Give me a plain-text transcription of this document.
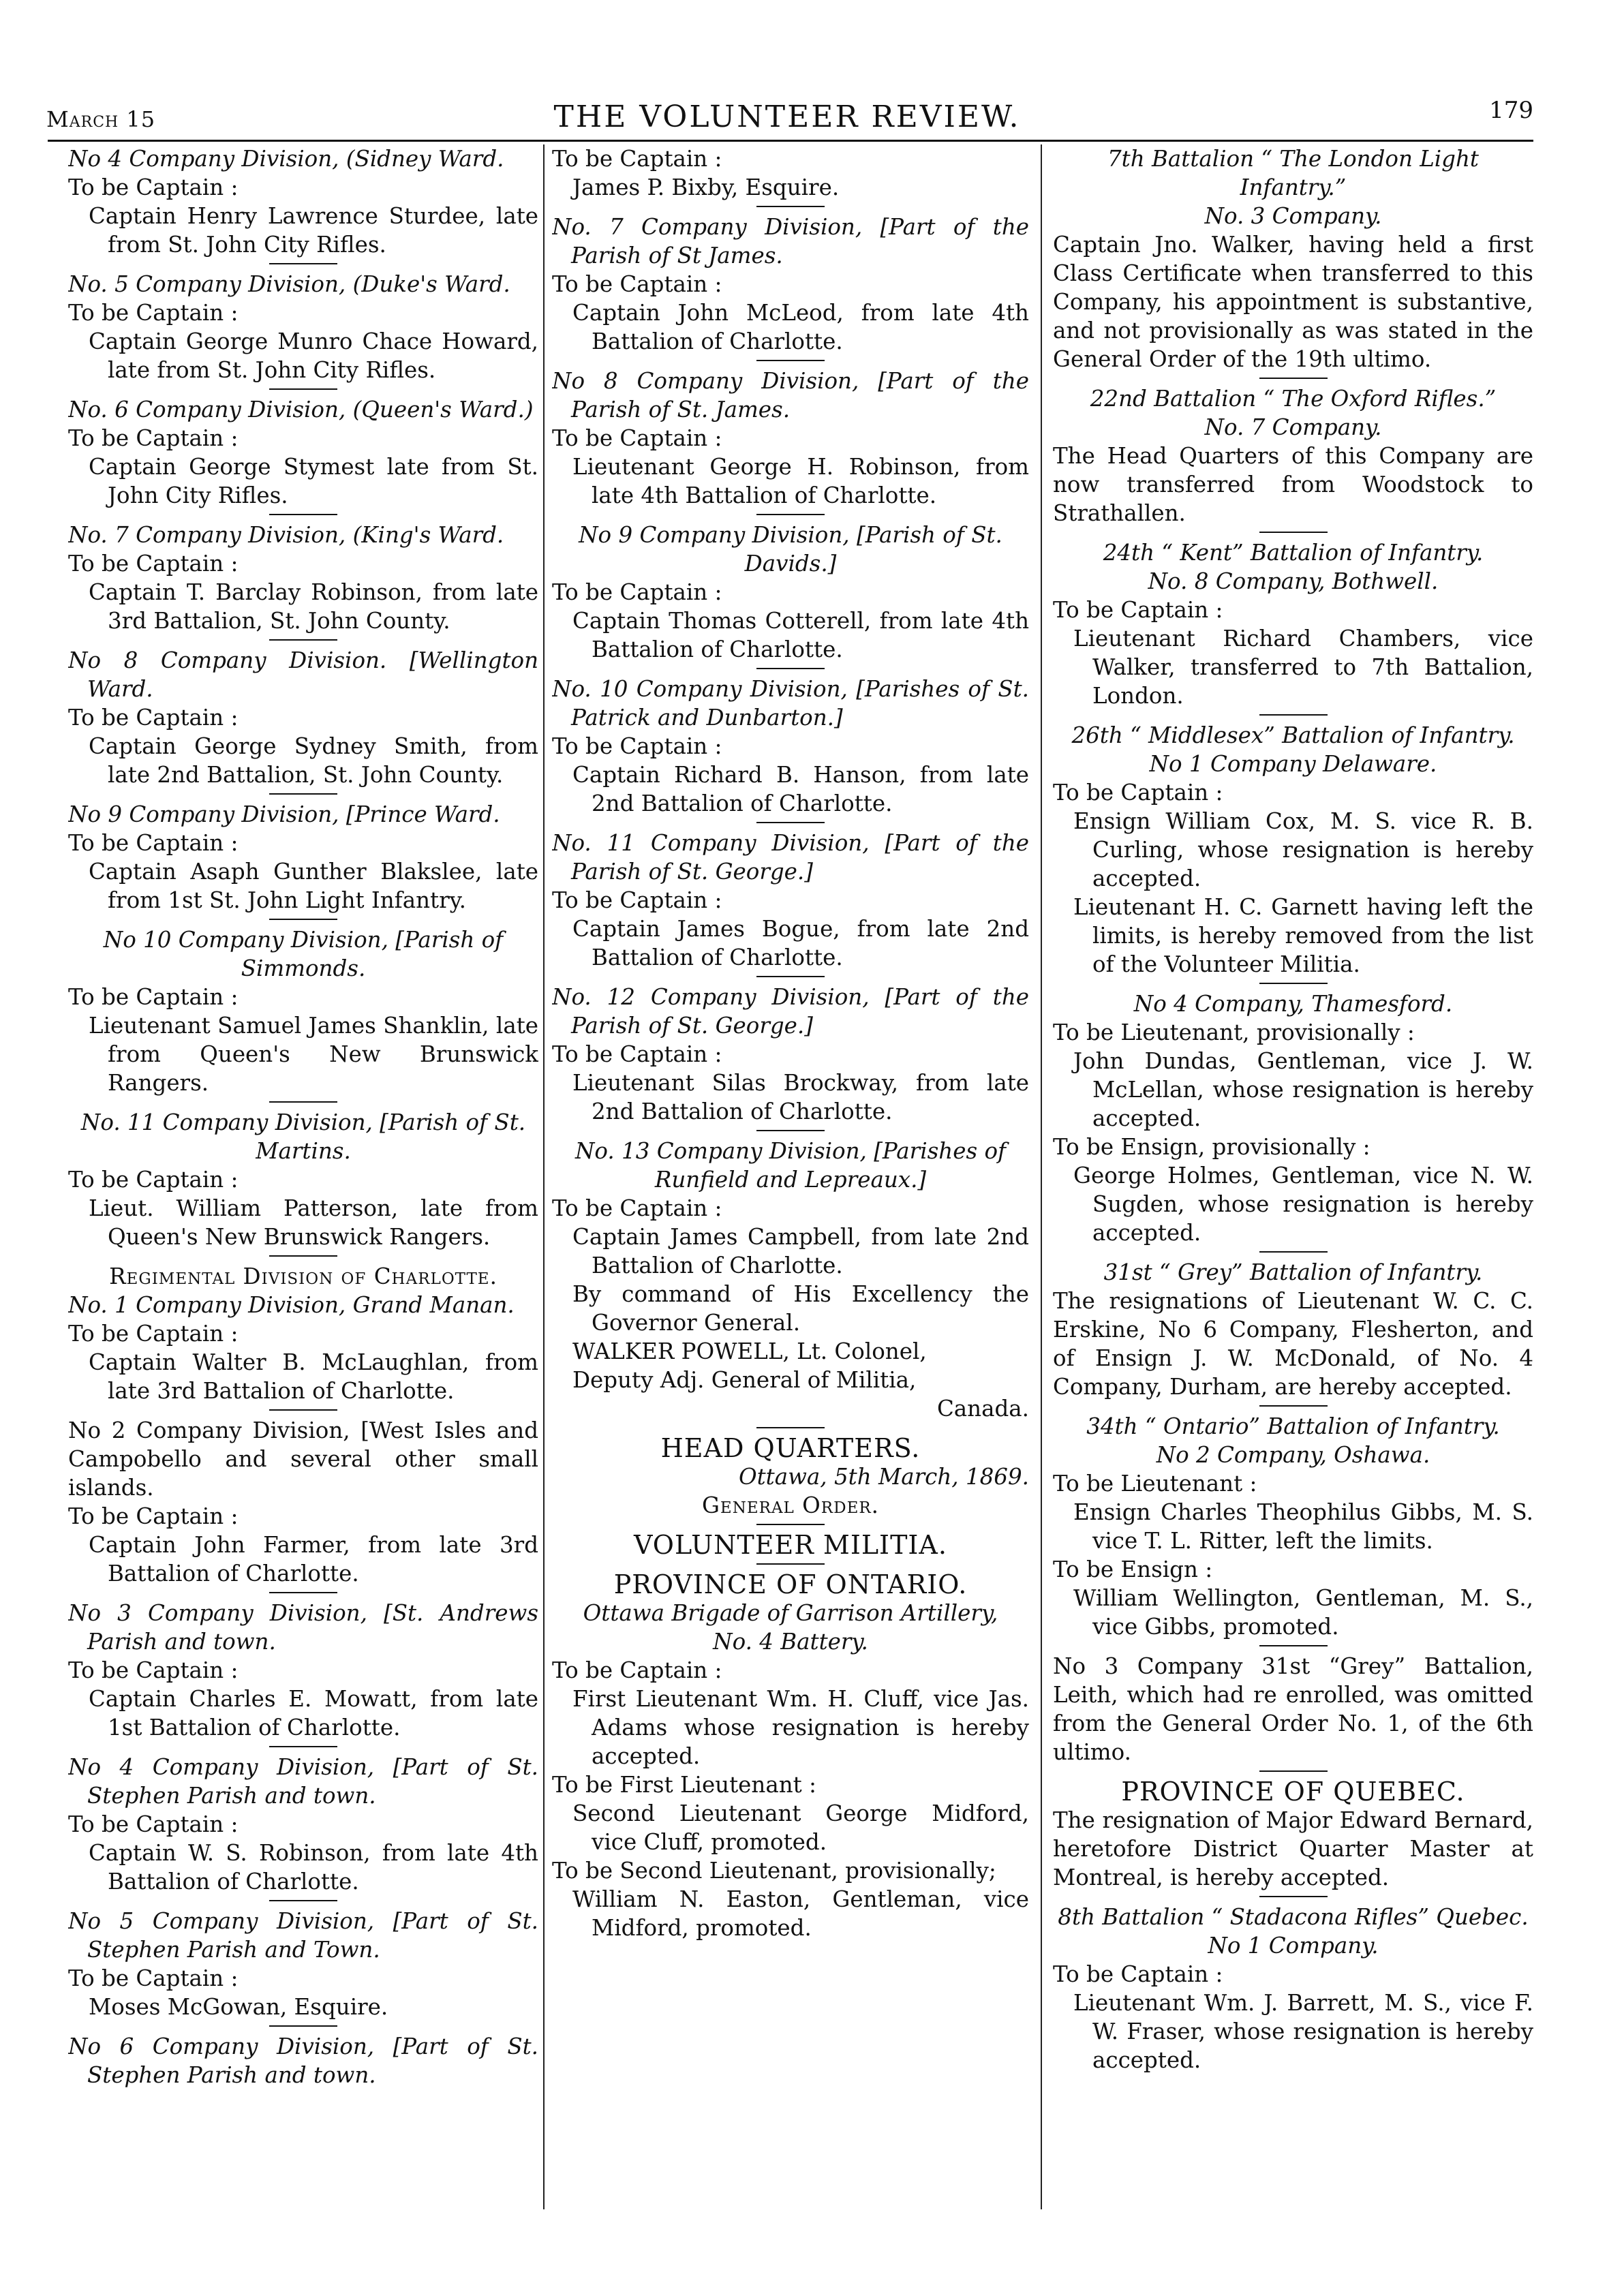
March 15	THE VOLUNTEER REVIEW.	179

No 4 Company Division, (Sidney Ward.

To be Captain :

Captain Henry Lawrence Sturdee, late from St. John City Rifles.

No. 5 Company Division, (Duke's Ward.

To be Captain :

Captain George Munro Chace Howard, late from St. John City Rifles.

No. 6 Company Division, (Queen's Ward.)

To be Captain :

Captain George Stymest late from St. John City Rifles.

No. 7 Company Division, (King's Ward.

To be Captain :

Captain T. Barclay Robinson, from late 3rd Battalion, St. John County.

No 8 Company Division. [Wellington Ward.

To be Captain :

Captain George Sydney Smith, from late 2nd Battalion, St. John County.

No 9 Company Division, [Prince Ward.

To be Captain :

Captain Asaph Gunther Blakslee, late from 1st St. John Light Infantry.

No 10 Company Division, [Parish of Simmonds.

To be Captain :

Lieutenant Samuel James Shanklin, late from Queen's New Brunswick Rangers.

No. 11 Company Division, [Parish of St. Martins.

To be Captain :

Lieut. William Patterson, late from Queen's New Brunswick Rangers.

Regimental Division of Charlotte.

No. 1 Company Division, Grand Manan.

To be Captain :

Captain Walter B. McLaughlan, from late 3rd Battalion of Charlotte.

No 2 Company Division, [West Isles and Campobello and several other small islands.

To be Captain :

Captain John Farmer, from late 3rd Battalion of Charlotte.

No 3 Company Division, [St. Andrews Parish and town.

To be Captain :

Captain Charles E. Mowatt, from late 1st Battalion of Charlotte.

No 4 Company Division, [Part of St. Stephen Parish and town.

To be Captain :

Captain W. S. Robinson, from late 4th Battalion of Charlotte.

No 5 Company Division, [Part of St. Stephen Parish and Town.

To be Captain :

Moses McGowan, Esquire.

No 6 Company Division, [Part of St. Stephen Parish and town.

To be Captain :

James P. Bixby, Esquire.

No. 7 Company Division, [Part of the Parish of St James.

To be Captain :

Captain John McLeod, from late 4th Battalion of Charlotte.

No 8 Company Division, [Part of the Parish of St. James.

To be Captain :

Lieutenant George H. Robinson, from late 4th Battalion of Charlotte.

No 9 Company Division, [Parish of St. Davids.]

To be Captain :

Captain Thomas Cotterell, from late 4th Battalion of Charlotte.

No. 10 Company Division, [Parishes of St. Patrick and Dunbarton.]

To be Captain :

Captain Richard B. Hanson, from late 2nd Battalion of Charlotte.

No. 11 Company Division, [Part of the Parish of St. George.]

To be Captain :

Captain James Bogue, from late 2nd Battalion of Charlotte.

No. 12 Company Division, [Part of the Parish of St. George.]

To be Captain :

Lieutenant Silas Brockway, from late 2nd Battalion of Charlotte.

No. 13 Company Division, [Parishes of Runfield and Lepreaux.]

To be Captain :

Captain James Campbell, from late 2nd Battalion of Charlotte.

By command of His Excellency the Governor General.

WALKER POWELL, Lt. Colonel,

Deputy Adj. General of Militia,

Canada.

HEAD QUARTERS.

Ottawa, 5th March, 1869.

General Order.

VOLUNTEER MILITIA.

PROVINCE OF ONTARIO.

Ottawa Brigade of Garrison Artillery,

No. 4 Battery.

To be Captain :

First Lieutenant Wm. H. Cluff, vice Jas. Adams whose resignation is hereby accepted.

To be First Lieutenant :

Second Lieutenant George Midford, vice Cluff, promoted.

To be Second Lieutenant, provisionally;

William N. Easton, Gentleman, vice Midford, promoted.

7th Battalion “ The London Light Infantry.”

No. 3 Company.

Captain Jno. Walker, having held a first Class Certificate when transferred to this Company, his appointment is substantive, and not provisionally as was stated in the General Order of the 19th ultimo.

22nd Battalion “ The Oxford Rifles.”

No. 7 Company.

The Head Quarters of this Company are now transferred from Woodstock to Strathallen.

24th “ Kent” Battalion of Infantry.

No. 8 Company, Bothwell.

To be Captain :

Lieutenant Richard Chambers, vice Walker, transferred to 7th Battalion, London.

26th “ Middlesex” Battalion of Infantry.

No 1 Company Delaware.

To be Captain :

Ensign William Cox, M. S. vice R. B. Curling, whose resignation is hereby accepted.

Lieutenant H. C. Garnett having left the limits, is hereby removed from the list of the Volunteer Militia.

No 4 Company, Thamesford.

To be Lieutenant, provisionally :

John Dundas, Gentleman, vice J. W. McLellan, whose resignation is hereby accepted.

To be Ensign, provisionally :

George Holmes, Gentleman, vice N. W. Sugden, whose resignation is hereby accepted.

31st “ Grey” Battalion of Infantry.

The resignations of Lieutenant W. C. C. Erskine, No 6 Company, Flesherton, and of Ensign J. W. McDonald, of No. 4 Company, Durham, are hereby accepted.

34th “ Ontario” Battalion of Infantry.

No 2 Company, Oshawa.

To be Lieutenant :

Ensign Charles Theophilus Gibbs, M. S. vice T. L. Ritter, left the limits.

To be Ensign :

William Wellington, Gentleman, M. S., vice Gibbs, promoted.

No 3 Company 31st “Grey” Battalion, Leith, which had re enrolled, was omitted from the General Order No. 1, of the 6th ultimo.

PROVINCE OF QUEBEC.

The resignation of Major Edward Bernard, heretofore District Quarter Master at Montreal, is hereby accepted.

8th Battalion “ Stadacona Rifles” Quebec.

No 1 Company.

To be Captain :

Lieutenant Wm. J. Barrett, M. S., vice F. W. Fraser, whose resignation is hereby accepted.
